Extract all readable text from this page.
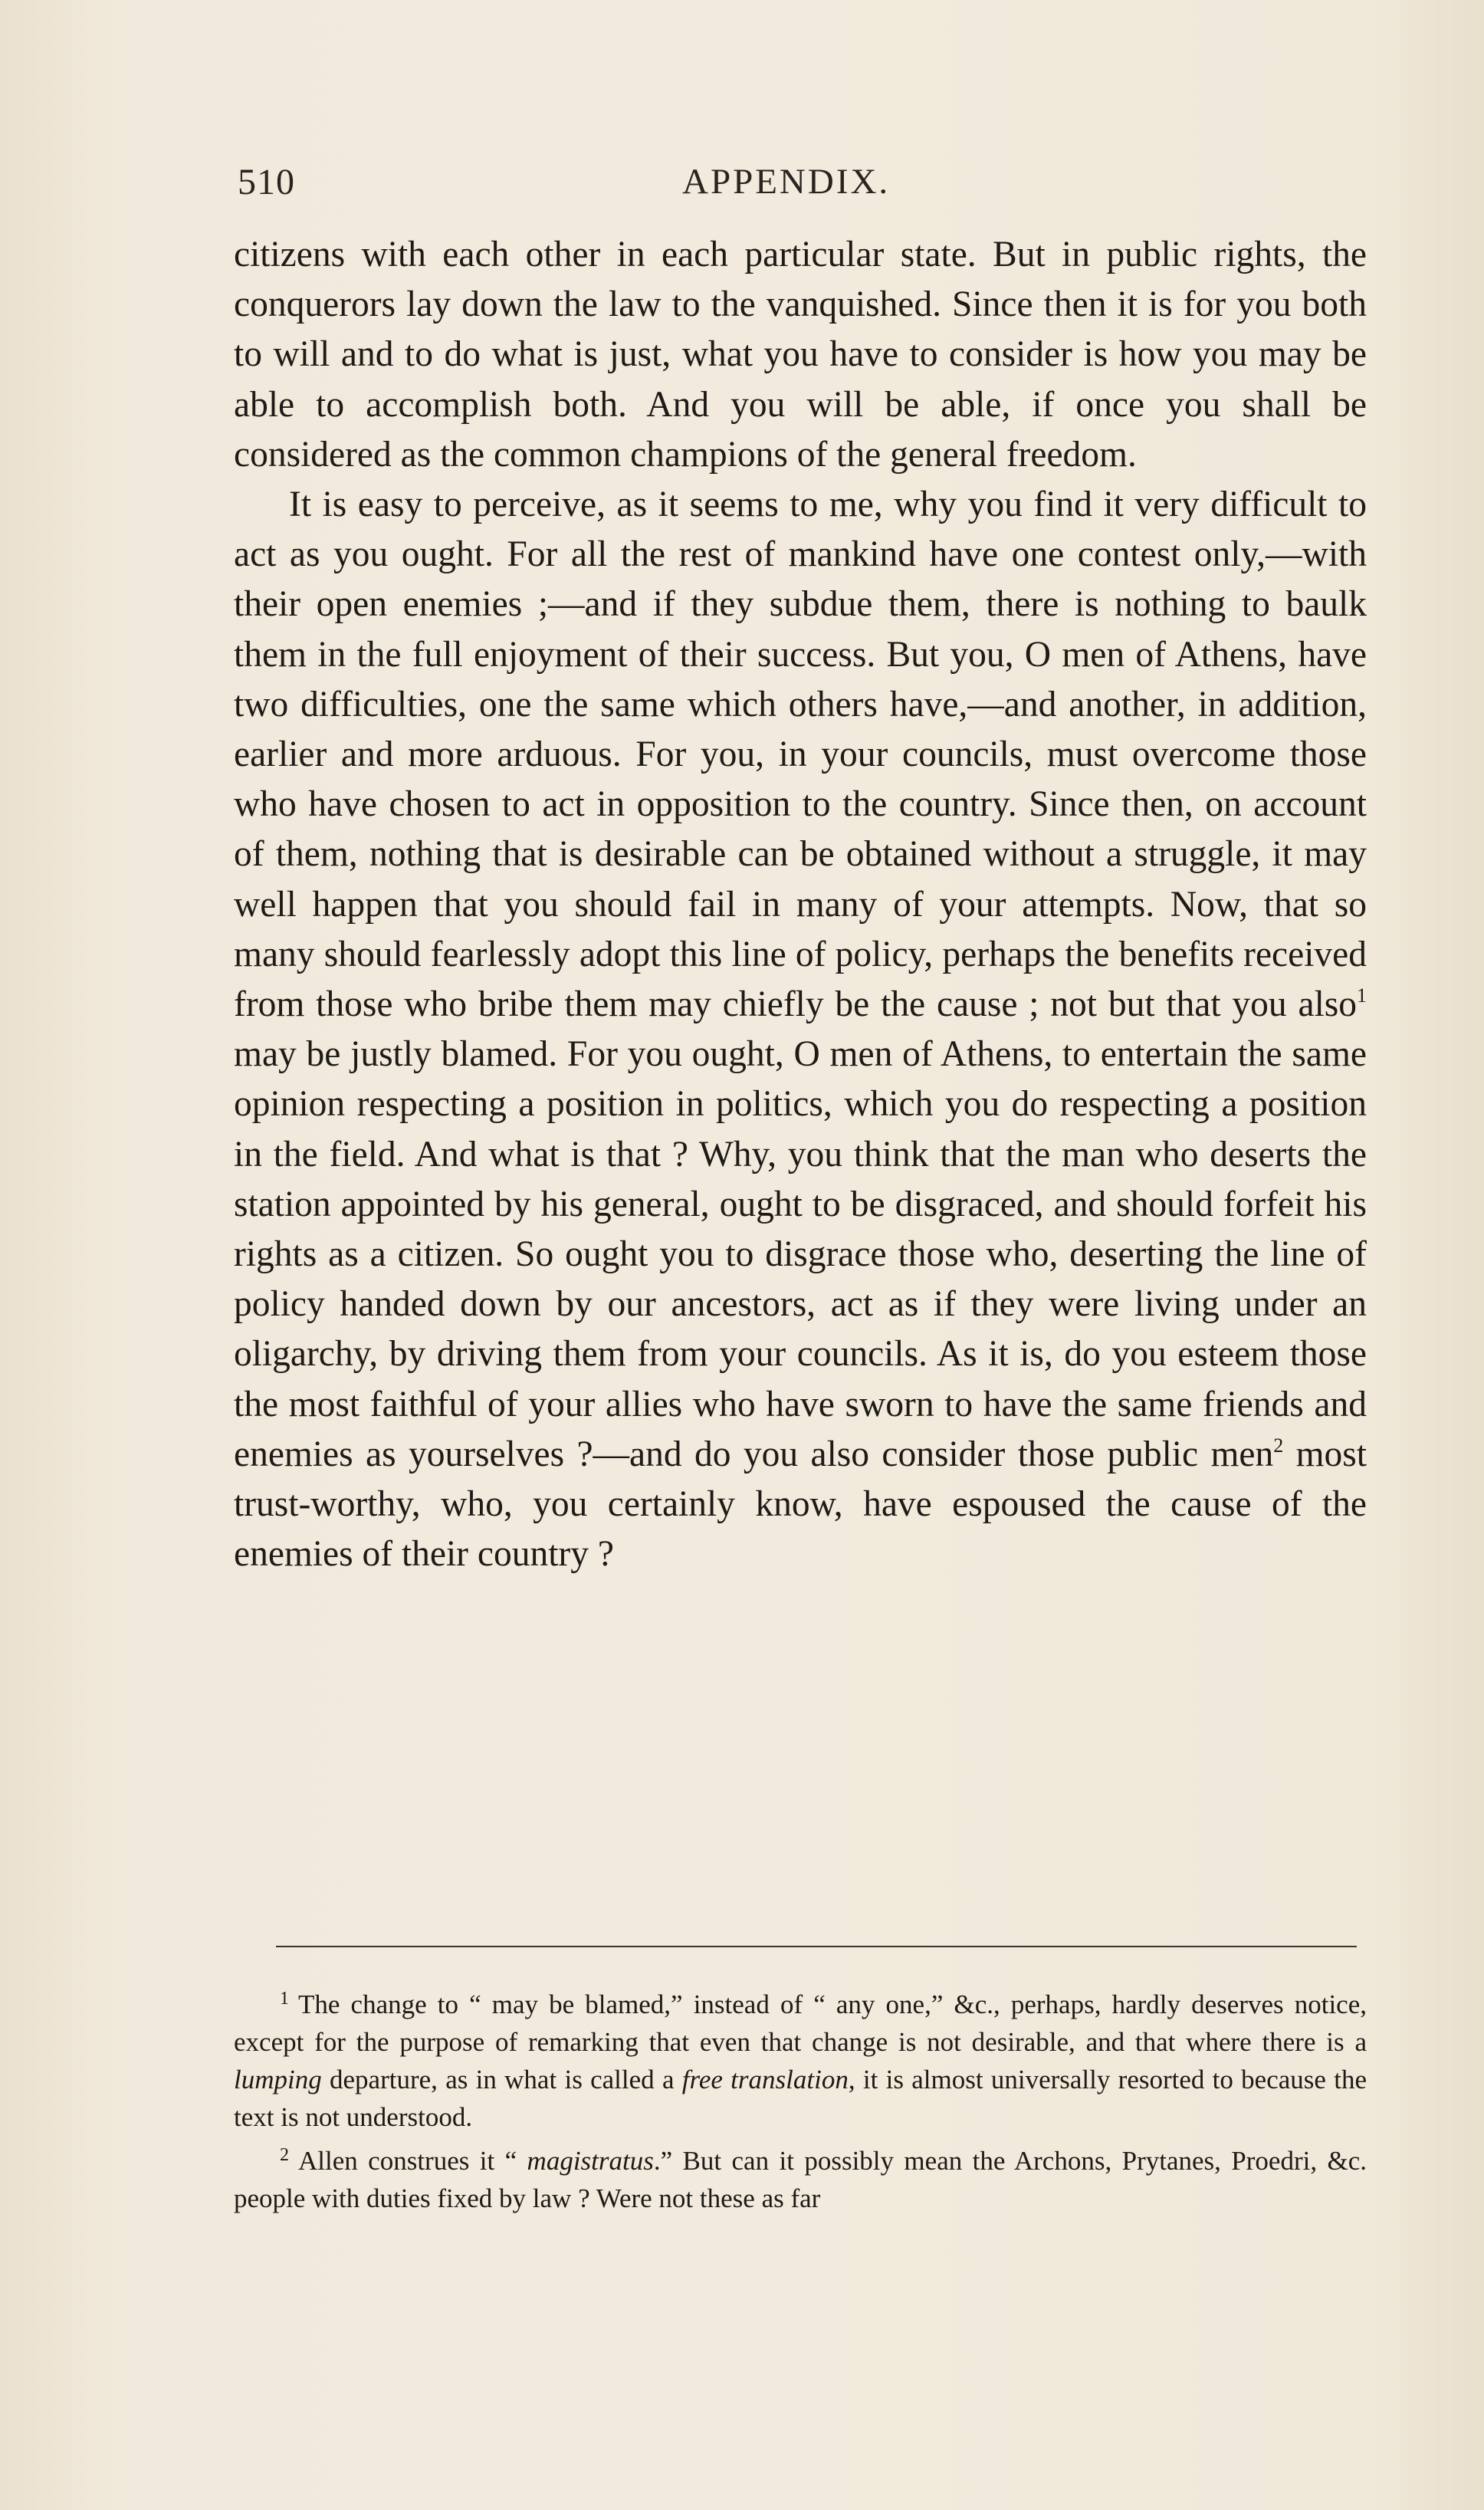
510	APPENDIX.

citizens with each other in each particular state. But in public rights, the conquerors lay down the law to the vanquished. Since then it is for you both to will and to do what is just, what you have to consider is how you may be able to accomplish both. And you will be able, if once you shall be considered as the common champions of the general freedom.

It is easy to perceive, as it seems to me, why you find it very difficult to act as you ought. For all the rest of mankind have one contest only,—with their open enemies ;—and if they subdue them, there is nothing to baulk them in the full enjoyment of their success. But you, O men of Athens, have two difficulties, one the same which others have,—and another, in addition, earlier and more arduous. For you, in your councils, must overcome those who have chosen to act in opposition to the country. Since then, on account of them, nothing that is desirable can be obtained without a struggle, it may well happen that you should fail in many of your attempts. Now, that so many should fearlessly adopt this line of policy, perhaps the benefits received from those who bribe them may chiefly be the cause ; not but that you also$^1$ may be justly blamed. For you ought, O men of Athens, to entertain the same opinion respecting a position in politics, which you do respecting a position in the field. And what is that ? Why, you think that the man who deserts the station appointed by his general, ought to be disgraced, and should forfeit his rights as a citizen. So ought you to disgrace those who, deserting the line of policy handed down by our ancestors, act as if they were living under an oligarchy, by driving them from your councils. As it is, do you esteem those the most faithful of your allies who have sworn to have the same friends and enemies as yourselves ?—and do you also consider those public men$^2$ most trust-worthy, who, you certainly know, have espoused the cause of the enemies of their country ?

$^1$ The change to “ may be blamed,” instead of “ any one,” &c., perhaps, hardly deserves notice, except for the purpose of remarking that even that change is not desirable, and that where there is a lumping departure, as in what is called a free translation, it is almost universally resorted to because the text is not understood.

$^2$ Allen construes it “ magistratus.” But can it possibly mean the Archons, Prytanes, Proedri, &c. people with duties fixed by law ? Were not these as far
